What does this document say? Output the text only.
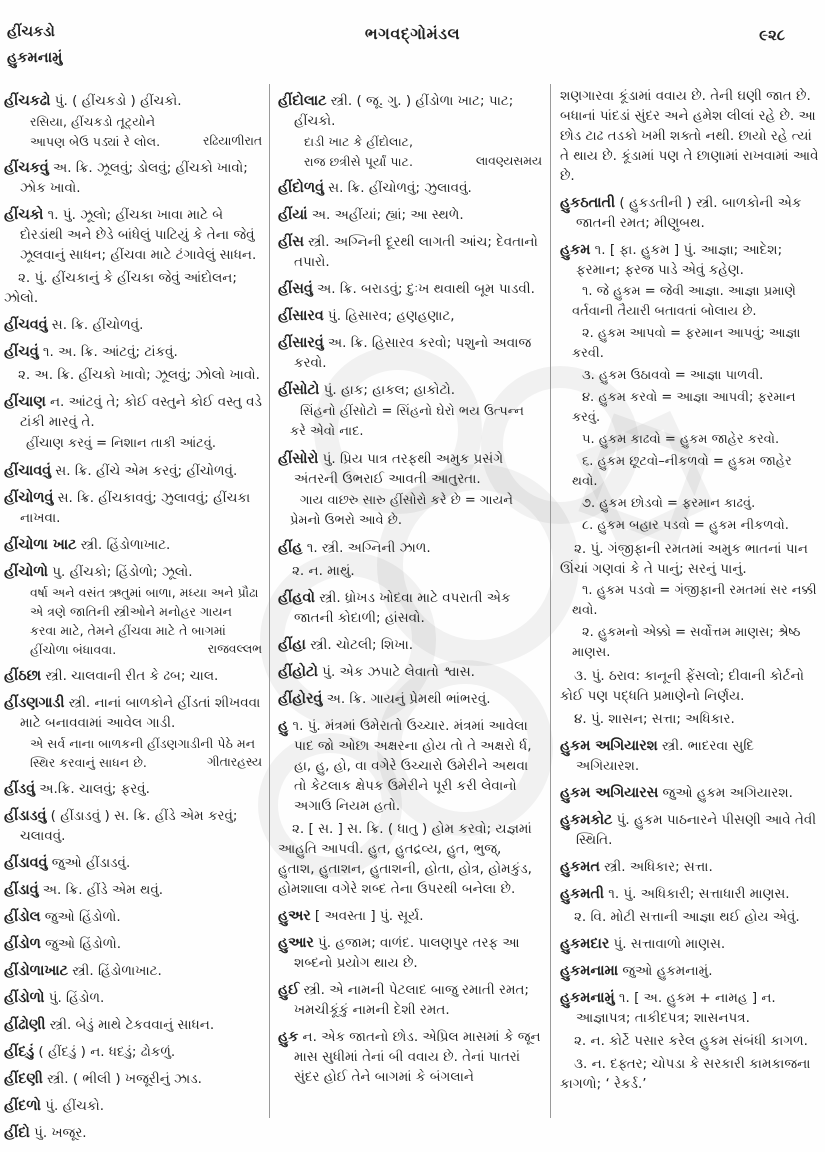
હીંચકડો
હુકમનામું
ભગવદ્ગોમંડલ	૯૨૮

હીંચકઢો પું. ( હીંચકડો ) હીંચકો.

રસિયા, હીંચકડો તૂટ્યોને

આપણ બેઉ પડ્યાં રે લોલ.	રઢિયાળીરાત

હીંચકવું અ. ક્રિ. ઝૂલવું; ડોલવું; હીંચકો ખાવો; ઝોક ખાવો.

હીંચકો ૧. પું. ઝૂલો; હીંચકા ખાવા માટે બે દોરડાંથી અને છેડે બાંધેલું પાટિયું કે તેના જેવું ઝૂલવાનું સાધન; હીંચવા માટે ટંગાવેલું સાધન.

૨. પું. હીંચકાનું કે હીંચકા જેવું આંદોલન; ઝોલો.

હીંચવવું સ. ક્રિ. હીંચોળવું.

હીંચવું ૧. અ. ક્રિ. આંટવું; ટાંકવું.

૨. અ. ક્રિ. હીંચકો ખાવો; ઝૂલવું; ઝોલો ખાવો.

હીંચાણ ન. આંટવું તે; કોઈ વસ્તુને કોઈ વસ્તુ વડે ટાંકી મારવું તે.

હીંચાણ કરવું = નિશાન તાકી આંટવું.

હીંચાવવું સ. ક્રિ. હીંચે એમ કરવું; હીંચોળવું.

હીંચોળવું સ. ક્રિ. હીંચકાવવું; ઝુલાવવું; હીંચકા નાખવા.

હીંચોળા ખાટ સ્ત્રી. હિંડોળાખાટ.

હીંચોળો પુ. હીંચકો; હિંડોળો; ઝૂલો.

વર્ષા અને વસંત ઋતુમાં બાળા, મધ્યા અને પ્રૌઢા એ ત્રણે જાતિની સ્ત્રીઓને મનોહર ગાયન કરવા માટે, તેમને હીંચવા માટે તે બાગમાં હીંચોળા બંધાવવા.	રાજવલ્લભ

હીંઠછા સ્ત્રી. ચાલવાની રીત કે ઢબ; ચાલ.

હીંડણગાડી સ્ત્રી. નાનાં બાળકોને હીંડતાં શીખવવા માટે બનાવવામાં આવેલ ગાડી.

એ સર્વ નાના બાળકની હીંડણગાડીની પેઠે મન સ્થિર કરવાનું સાધન છે.	ગીતારહસ્ય

હીંડવું અ.ક્રિ. ચાલવું; ફરવું.

હીંડાડવું ( હીંડાડવું ) સ. ક્રિ. હીંડે એમ કરવું; ચલાવવું.

હીંડાવવું જુઓ હીંડાડવું.

હીંડાવું અ. ક્રિ. હીંડે એમ થવું.

હીંડોલ જુઓ હિંડોળો.

હીંડોળ જુઓ હિંડોળો.

હીંડોળાખાટ સ્ત્રી. હિંડોળાખાટ.

હીંડોળો પું. હિંડોળ.

હીંઢોણી સ્ત્રી. બેડું માથે ટેકવવાનું સાધન.

હીંદડું ( હીંદડું ) ન. ધદડું; ઢોકળું.

હીંદણી સ્ત્રી. ( ભીલી ) ખજૂરીનું ઝાડ.

હીંદળો પું. હીંચકો.

હીંદો પું. ખજૂર.

હીંદોલાટ સ્ત્રી. ( જૂ. ગુ. ) હીંડોળા ખાટ; પાટ; હીંચકો.

દાડી ખાટ કે હીંદોલાટ,

રાજ છત્રીસે પૂર્યાં પાટ.	લાવણ્યસમય

હીંદોળવું સ. ક્રિ. હીંચોળવું; ઝુલાવવું.

હીંયાં અ. અહીંયાં; હ્યાં; આ સ્થળે.

હીંસ સ્ત્રી. અગ્નિની દૂરથી લાગતી આંચ; દેવતાનો તપારો.

હીંસવું અ. ક્રિ. બરાડવું; દુઃખ થવાથી બૂમ પાડવી.

હીંસારવ પું. હિસારવ; હણહણાટ,

હીંસારવું અ. ક્રિ. હિસારવ કરવો; પશુનો અવાજ કરવો.

હીંસોટો પું. હાક; હાકલ; હાકોટો.

સિંહનો હીંસોટો = સિંહનો ઘેરો ભય ઉત્પન્ન કરે એવો નાદ.

હીંસોરો પું. પ્રિય પાત્ર તરફથી અમુક પ્રસંગે અંતરની ઉભરાઈ આવતી આતુરતા.

ગાય વાછરુ સારુ હીંસોરો કરે છે = ગાયને પ્રેમનો ઉભરો આવે છે.

હીંહ ૧. સ્ત્રી. અગ્નિની ઝાળ.

૨. ન. માથું.

હીંહવો સ્ત્રી. ધ્રોખડ ખોદવા માટે વપરાતી એક જાતની કોદાળી; હાંસવો.

હીંહા સ્ત્રી. ચોટલી; શિખા.

હીંહોટો પું. એક ઝપાટે લેવાતો શ્વાસ.

હીંહોરવું અ. ક્રિ. ગાયનું પ્રેમથી ભાંભરવું.

હુ ૧. પું. મંત્રમાં ઉમેરાતો ઉચ્ચાર. મંત્રમાં આવેલા પાદ જો ઓછા અક્ષરના હોય તો તે અક્ષરો ર્ધ, હા, હુ, હો, વા વગેરે ઉચ્ચારો ઉમેરીને અથવા તો કેટલાક ક્ષેપક ઉમેરીને પૂરી કરી લેવાનો અગાઉ નિયમ હતો.

૨. [ સ. ] સ. ક્રિ. ( ધાતુ ) હોમ કરવો; યજ્ઞમાં આહુતિ આપવી. હુત, હુતદ્રવ્ય, હુત, ભુજ્, હુતાશ, હુતાશન, હુતાશની, હોતા, હોત્ર, હોમકુંડ, હોમશાલા વગેરે શબ્દ તેના ઉપરથી બનેલા છે.

હુઅર [ અવસ્તા ] પું. સૂર્ય.

હુઆર પું. હજામ; વાળંદ. પાલણપુર તરફ આ શબ્દનો પ્રયોગ થાય છે.

હુઈ સ્ત્રી. એ નામની પેટલાદ બાજુ રમાતી રમત; ખમચીકૂંકું નામની દેશી રમત.

હુક ન. એક જાતનો છોડ. એપ્રિલ માસમાં કે જૂન માસ સુધીમાં તેનાં બી વવાય છે. તેનાં પાતરાં સુંદર હોઈ તેને બાગમાં કે બંગલાને

શણગારવા કૂંડામાં વવાય છે. તેની ઘણી જાત છે. બધાનાં પાંદડાં સુંદર અને હમેશ લીલાં રહે છે. આ છોડ ટાઢ તડકો ખમી શક્તો નથી. છાયો રહે ત્યાં તે થાય છે. કૂંડામાં પણ તે છાણામાં રાખવામાં આવે છે.

હુકઠતાતી ( હુકડતીની ) સ્ત્રી. બાળકોની એક જાતની રમત; મીણુબથ.

હુકમ ૧. [ ફા. હુકમ ] પું. આજ્ઞા; આદેશ; ફરમાન; ફરજ પાડે એવું કહેણ.

૧. જે હુકમ = જેવી આજ્ઞા. આજ્ઞા પ્રમાણે વર્તવાની તૈયારી બતાવતાં બોલાય છે.

૨. હુકમ આપવો = ફરમાન આપવું; આજ્ઞા કરવી.

૩. હુકમ ઉઠાવવો = આજ્ઞા પાળવી.

૪. હુકમ કરવો = આજ્ઞા આપવી; ફરમાન કરવું.

૫. હુકમ કાઢવો = હુકમ જાહેર કરવો.

૬. હુકમ છૂટવો–નીકળવો = હુકમ જાહેર થવો.

૭. હુકમ છોડવો = ફરમાન કાઢવું.

૮. હુકમ બહાર પડવો = હુકમ નીકળવો.

૨. પું. ગંજીફાની રમતમાં અમુક ભાતનાં પાન ઊંચાં ગણવાં કે તે પાનું; સરનું પાનું.

૧. હુકમ પડવો = ગંજીફાની રમતમાં સર નક્કી થવો.

૨. હુકમનો એક્કો = સર્વોત્તમ માણસ; શ્રેષ્ઠ માણસ.

૩. પું. ઠરાવ: કાનૂની ફેંસલો; દીવાની કોર્ટનો કોઈ પણ પદ્ધતિ પ્રમાણેનો નિર્ણય.

૪. પું. શાસન; સત્તા; અધિકાર.

હુકમ અગિયારશ સ્ત્રી. ભાદરવા સુદિ અગિયારશ.

હુકમ અગિયારસ જુઓ હુકમ અગિયારશ.

હુકમકોટ પું. હુકમ પાઠનારને પીસણી આવે તેવી સ્થિતિ.

હુકમત સ્ત્રી. અધિકાર; સત્તા.

હુકમતી ૧. પું. અધિકારી; સત્તાધારી માણસ.

૨. વિ. મોટી સત્તાની આજ્ઞા થઈ હોય એવું.

હુકમદાર પું. સત્તાવાળો માણસ.

હુકમનામા જુઓ હુકમનામું.

હુકમનામું ૧. [ અ. હુકમ + નામહ ] ન. આજ્ઞાપત્ર; તાકીદપત્ર; શાસનપત્ર.

૨. ન. કોર્ટે પસાર કરેલ હુકમ સંબંધી કાગળ.

૩. ન. દફ્તર; ચોપડા કે સરકારી કામકાજના કાગળો; ‘ રેકર્ડ.’
